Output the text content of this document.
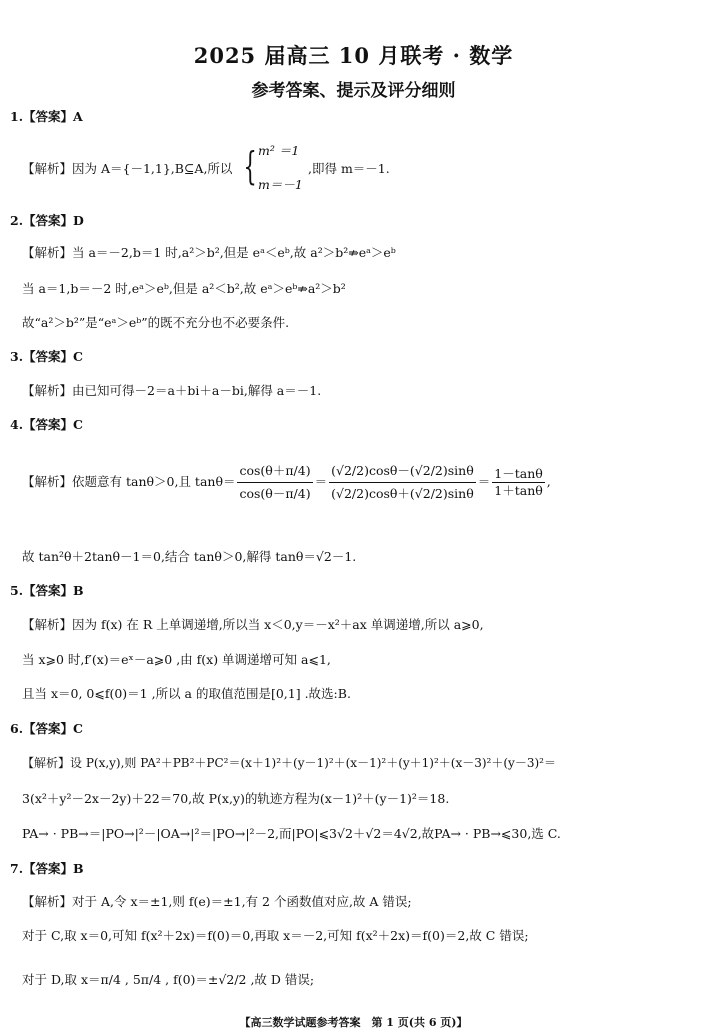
2025 届高三 10 月联考 · 数学
参考答案、提示及评分细则
1.【答案】A
【解析】因为 A＝{－1,1},B⊆A,所以 { m² ＝1
m＝－1
,即得 m＝－1.
2.【答案】D
【解析】当 a＝－2,b＝1 时,a²＞b²,但是 eᵃ＜eᵇ,故 a²＞b²⇏eᵃ＞eᵇ
当 a＝1,b＝－2 时,eᵃ＞eᵇ,但是 a²＜b²,故 eᵃ＞eᵇ⇏a²＞b²
故“a²＞b²”是“eᵃ＞eᵇ”的既不充分也不必要条件.
3.【答案】C
【解析】由已知可得－2＝a＋bi＋a－bi,解得 a＝－1.
4.【答案】C
【解析】依题意有 tanθ＞0,且 $\tan\theta= \frac{\cos(\theta+\pi/4)}{\cos(\theta-\pi/4)} = \frac{(√2/2)\cos\theta-(√2/2)\sin\theta}{(√2/2)\cos\theta+(√2/2)\sin\theta} = \frac{1-\tan\theta}{1+\tan\theta}$ ,
故 tan²θ＋2tanθ－1＝0,结合 tanθ＞0,解得 tanθ＝√2－1.
5.【答案】B
【解析】因为 f(x) 在 R 上单调递增,所以当 x＜0,y＝－x²＋ax 单调递增,所以 a⩾0,
当 x⩾0 时,f′(x)＝eˣ－a⩾0 ,由 f(x) 单调递增可知 a⩽1,
且当 x＝0, 0⩽f(0)＝1 ,所以 a 的取值范围是[0,1] .故选:B.
6.【答案】C
【解析】设 P(x,y),则 PA²＋PB²＋PC²＝(x＋1)²＋(y－1)²＋(x－1)²＋(y＋1)²＋(x－3)²＋(y－3)²＝
3(x²＋y²－2x－2y)＋22＝70,故 P(x,y)的轨迹方程为(x－1)²＋(y－1)²＝18.
PA→ · PB→＝|PO→|²－|OA→|²＝|PO→|²－2,而|PO|⩽3√2＋√2＝4√2,故PA→ · PB→⩽30,选 C.
7.【答案】B
【解析】对于 A,令 x＝±1,则 f(e)＝±1,有 2 个函数值对应,故 A 错误;
对于 C,取 x＝0,可知 f(x²＋2x)＝f(0)＝0,再取 x＝－2,可知 f(x²＋2x)＝f(0)＝2,故 C 错误;
对于 D,取 x＝π/4 , 5π/4 , f(0)＝±√2/2 ,故 D 错误;
【高三数学试题参考答案　第 1 页(共 6 页)】
